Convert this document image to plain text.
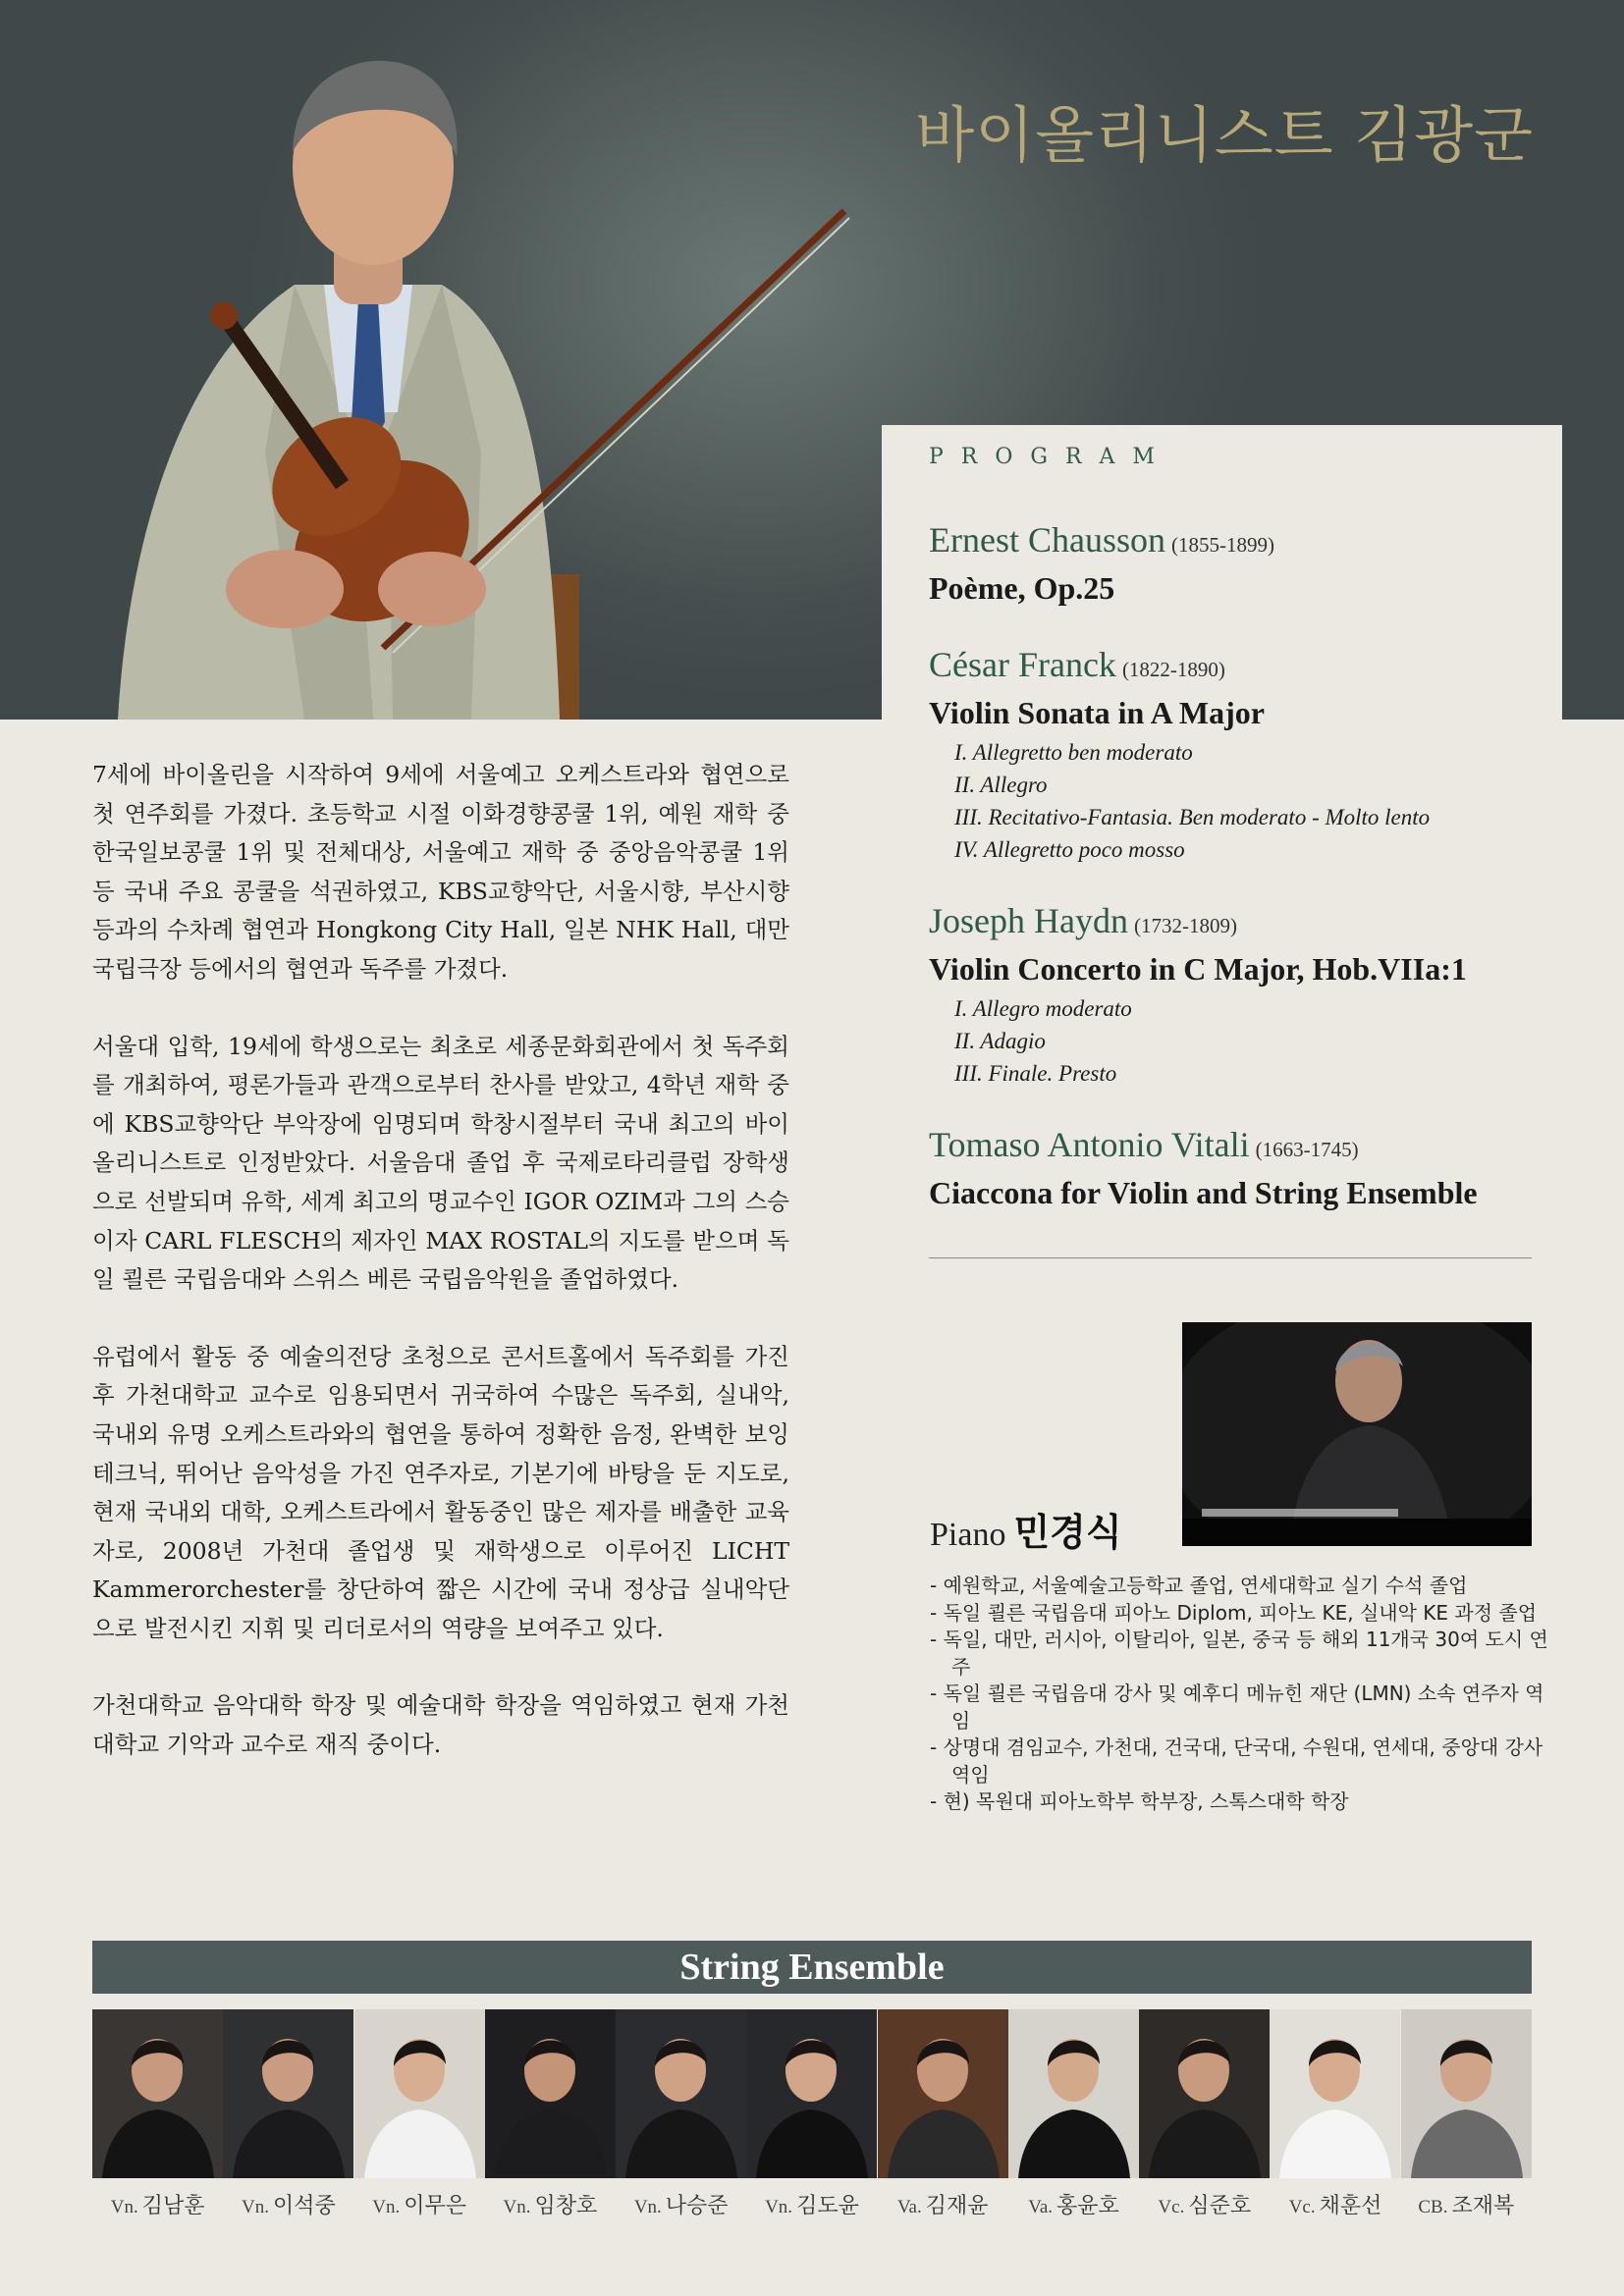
바이올리니스트 김광군
PROGRAM
Ernest Chausson (1855-1899)
Poème, Op.25
César Franck (1822-1890)
Violin Sonata in A Major
I. Allegretto ben moderato
II. Allegro
III. Recitativo-Fantasia. Ben moderato - Molto lento
IV. Allegretto poco mosso
Joseph Haydn (1732-1809)
Violin Concerto in C Major, Hob.VIIa:1
I. Allegro moderato
II. Adagio
III. Finale. Presto
Tomaso Antonio Vitali (1663-1745)
Ciaccona for Violin and String Ensemble

7세에 바이올린을 시작하여 9세에 서울예고 오케스트라와 협연으로 첫 연주회를 가졌다. 초등학교 시절 이화경향콩쿨 1위, 예원 재학 중 한국일보콩쿨 1위 및 전체대상, 서울예고 재학 중 중앙음악콩쿨 1위 등 국내 주요 콩쿨을 석권하였고, KBS교향악단, 서울시향, 부산시향 등과의 수차례 협연과 Hongkong City Hall, 일본 NHK Hall, 대만 국립극장 등에서의 협연과 독주를 가졌다.

서울대 입학, 19세에 학생으로는 최초로 세종문화회관에서 첫 독주회를 개최하여, 평론가들과 관객으로부터 찬사를 받았고, 4학년 재학 중에 KBS교향악단 부악장에 임명되며 학창시절부터 국내 최고의 바이올리니스트로 인정받았다. 서울음대 졸업 후 국제로타리클럽 장학생으로 선발되며 유학, 세계 최고의 명교수인 IGOR OZIM과 그의 스승이자 CARL FLESCH의 제자인 MAX ROSTAL의 지도를 받으며 독일 쾰른 국립음대와 스위스 베른 국립음악원을 졸업하였다.

유럽에서 활동 중 예술의전당 초청으로 콘서트홀에서 독주회를 가진 후 가천대학교 교수로 임용되면서 귀국하여 수많은 독주회, 실내악, 국내외 유명 오케스트라와의 협연을 통하여 정확한 음정, 완벽한 보잉테크닉, 뛰어난 음악성을 가진 연주자로, 기본기에 바탕을 둔 지도로, 현재 국내외 대학, 오케스트라에서 활동중인 많은 제자를 배출한 교육자로, 2008년 가천대 졸업생 및 재학생으로 이루어진 LICHT Kammerorchester를 창단하여 짧은 시간에 국내 정상급 실내악단으로 발전시킨 지휘 및 리더로서의 역량을 보여주고 있다.

가천대학교 음악대학 학장 및 예술대학 학장을 역임하였고 현재 가천대학교 기악과 교수로 재직 중이다.

Piano 민경식
- 예원학교, 서울예술고등학교 졸업, 연세대학교 실기 수석 졸업
- 독일 쾰른 국립음대 피아노 Diplom, 피아노 KE, 실내악 KE 과정 졸업
- 독일, 대만, 러시아, 이탈리아, 일본, 중국 등 해외 11개국 30여 도시 연주
- 독일 쾰른 국립음대 강사 및 예후디 메뉴힌 재단 (LMN) 소속 연주자 역임
- 상명대 겸임교수, 가천대, 건국대, 단국대, 수원대, 연세대, 중앙대 강사 역임
- 현) 목원대 피아노학부 학부장, 스톡스대학 학장
String Ensemble
Vn. 김남훈	Vn. 이석중	Vn. 이무은	Vn. 임창호	Vn. 나승준	Vn. 김도윤	Va. 김재윤	Va. 홍윤호	Vc. 심준호	Vc. 채훈선	CB. 조재복
